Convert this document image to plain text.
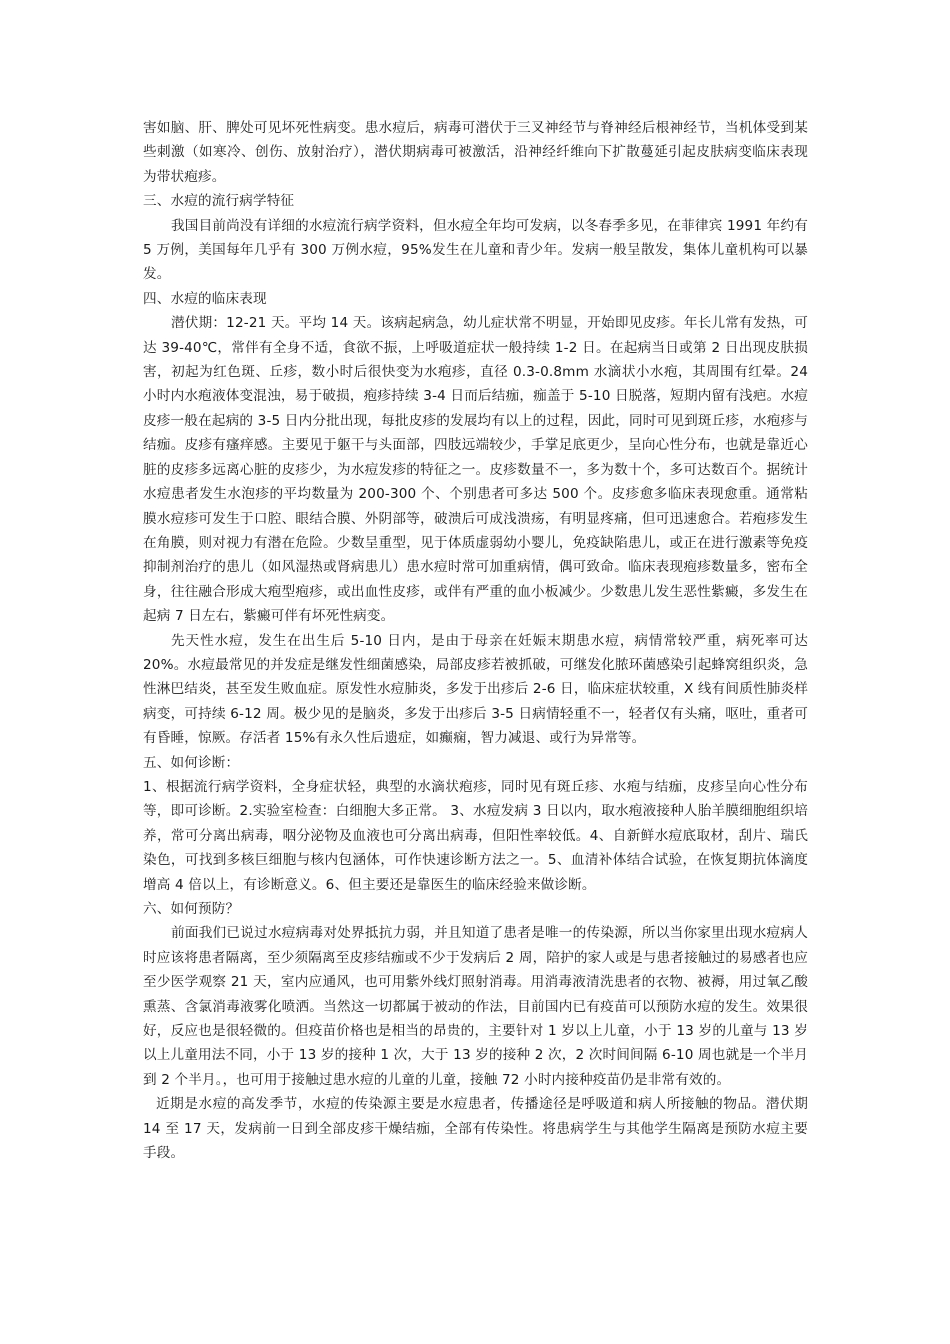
害如脑、肝、脾处可见坏死性病变。患水痘后，病毒可潜伏于三叉神经节与脊神经后根神经节，当机体受到某些刺激（如寒冷、创伤、放射治疗），潜伏期病毒可被激活，沿神经纤维向下扩散蔓延引起皮肤病变临床表现为带状疱疹。

三、水痘的流行病学特征

我国目前尚没有详细的水痘流行病学资料，但水痘全年均可发病，以冬春季多见，在菲律宾 1991 年约有 5 万例，美国每年几乎有 300 万例水痘，95%发生在儿童和青少年。发病一般呈散发，集体儿童机构可以暴发。

四、水痘的临床表现

潜伏期：12-21 天。平均 14 天。该病起病急，幼儿症状常不明显，开始即见皮疹。年长儿常有发热，可达 39-40℃，常伴有全身不适，食欲不振，上呼吸道症状一般持续 1-2 日。在起病当日或第 2 日出现皮肤损害，初起为红色斑、丘疹，数小时后很快变为水疱疹，直径 0.3-0.8mm 水滴状小水疱，其周围有红晕。24 小时内水疱液体变混浊，易于破损，疱疹持续 3-4 日而后结痂，痂盖于 5-10 日脱落，短期内留有浅疤。水痘皮疹一般在起病的 3-5 日内分批出现，每批皮疹的发展均有以上的过程，因此，同时可见到斑丘疹，水疱疹与结痂。皮疹有瘙痒感。主要见于躯干与头面部，四肢远端较少，手掌足底更少，呈向心性分布，也就是靠近心脏的皮疹多远离心脏的皮疹少，为水痘发疹的特征之一。皮疹数量不一，多为数十个，多可达数百个。据统计水痘患者发生水泡疹的平均数量为 200-300 个、个别患者可多达 500 个。皮疹愈多临床表现愈重。通常粘膜水痘疹可发生于口腔、眼结合膜、外阴部等，破溃后可成浅溃疡，有明显疼痛，但可迅速愈合。若疱疹发生在角膜，则对视力有潜在危险。少数呈重型，见于体质虚弱幼小婴儿，免疫缺陷患儿，或正在进行激素等免疫抑制剂治疗的患儿（如风湿热或肾病患儿）患水痘时常可加重病情，偶可致命。临床表现疱疹数量多，密布全身，往往融合形成大疱型疱疹，或出血性皮疹，或伴有严重的血小板减少。少数患儿发生恶性紫癜，多发生在起病 7 日左右，紫癜可伴有坏死性病变。

先天性水痘，发生在出生后 5-10 日内，是由于母亲在妊娠末期患水痘，病情常较严重，病死率可达 20%。水痘最常见的并发症是继发性细菌感染，局部皮疹若被抓破，可继发化脓环菌感染引起蜂窝组织炎，急性淋巴结炎，甚至发生败血症。原发性水痘肺炎，多发于出疹后 2-6 日，临床症状较重，X 线有间质性肺炎样病变，可持续 6-12 周。极少见的是脑炎，多发于出疹后 3-5 日病情轻重不一，轻者仅有头痛，呕吐，重者可有昏睡，惊厥。存活者 15%有永久性后遗症，如癫痫，智力减退、或行为异常等。

五、如何诊断：

1、根据流行病学资料，全身症状轻，典型的水滴状疱疹，同时见有斑丘疹、水疱与结痂，皮疹呈向心性分布等，即可诊断。2.实验室检查：白细胞大多正常。 3、水痘发病 3 日以内，取水疱液接种人胎羊膜细胞组织培养，常可分离出病毒，咽分泌物及血液也可分离出病毒，但阳性率较低。4、自新鲜水痘底取材，刮片、瑞氏染色，可找到多核巨细胞与核内包涵体，可作快速诊断方法之一。5、血清补体结合试验，在恢复期抗体滴度增高 4 倍以上，有诊断意义。6、但主要还是靠医生的临床经验来做诊断。

六、如何预防？

前面我们已说过水痘病毒对处界抵抗力弱，并且知道了患者是唯一的传染源，所以当你家里出现水痘病人时应该将患者隔离，至少须隔离至皮疹结痂或不少于发病后 2 周，陪护的家人或是与患者接触过的易感者也应至少医学观察 21 天，室内应通风，也可用紫外线灯照射消毒。用消毒液清洗患者的衣物、被褥，用过氧乙酸熏蒸、含氯消毒液雾化喷洒。当然这一切都属于被动的作法，目前国内已有疫苗可以预防水痘的发生。效果很好，反应也是很轻微的。但疫苗价格也是相当的昂贵的，主要针对 1 岁以上儿童，小于 13 岁的儿童与 13 岁以上儿童用法不同，小于 13 岁的接种 1 次，大于 13 岁的接种 2 次，2 次时间间隔 6-10 周也就是一个半月到 2 个半月。，也可用于接触过患水痘的儿童的儿童，接触 72 小时内接种疫苗仍是非常有效的。

近期是水痘的高发季节，水痘的传染源主要是水痘患者，传播途径是呼吸道和病人所接触的物品。潜伏期 14 至 17 天，发病前一日到全部皮疹干燥结痂，全部有传染性。将患病学生与其他学生隔离是预防水痘主要手段。
